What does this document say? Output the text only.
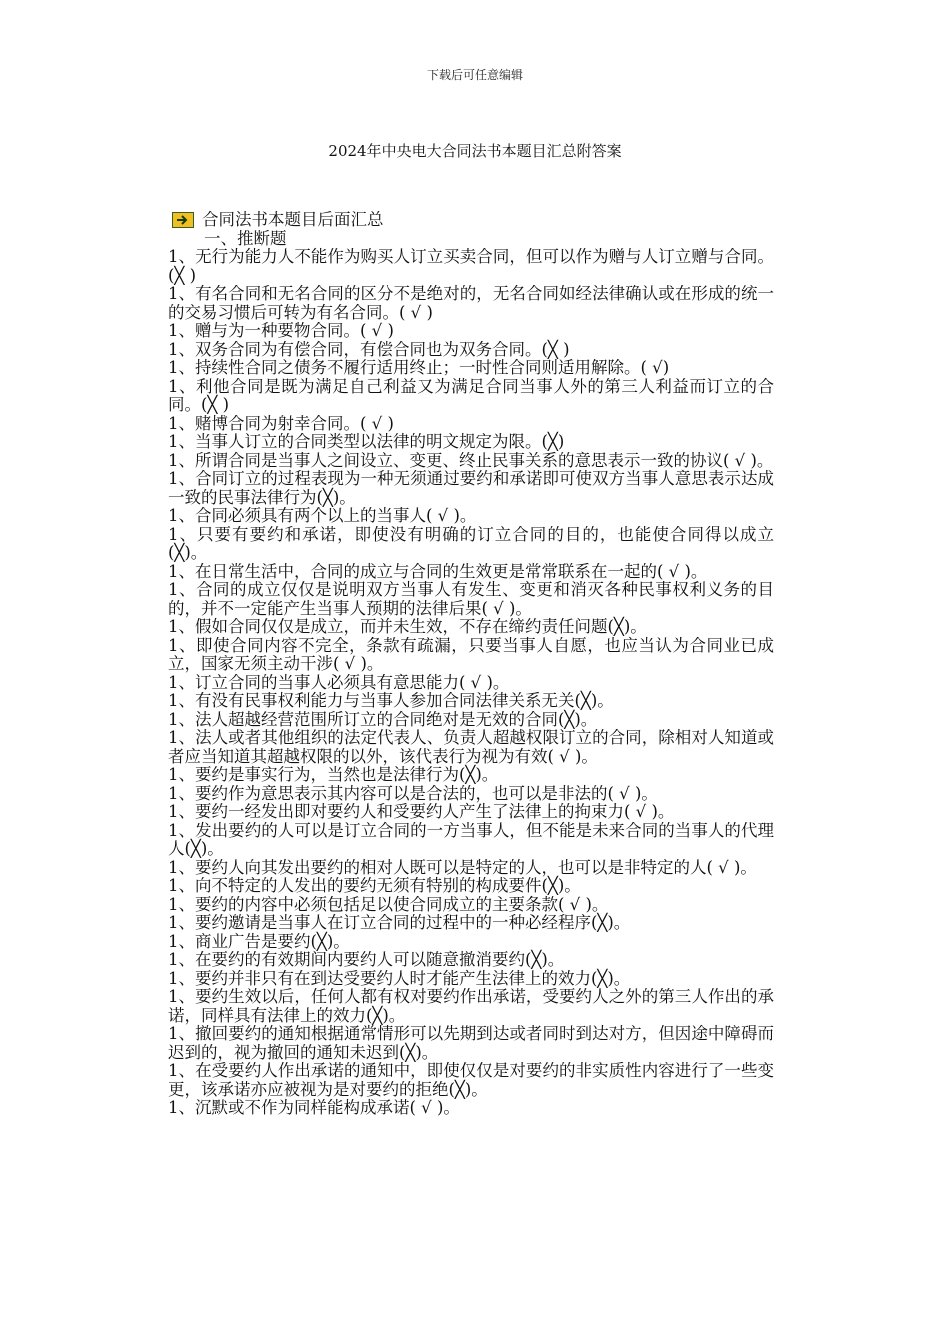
下载后可任意编辑
2024年中央电大合同法书本题目汇总附答案
合同法书本题目后面汇总
一、推断题
1、无行为能力人不能作为购买人订立买卖合同，但可以作为赠与人订立赠与合同。(╳ )
1、有名合同和无名合同的区分不是绝对的，无名合同如经法律确认或在形成的统一的交易习惯后可转为有名合同。( √ )
1、赠与为一种要物合同。( √ )
1、双务合同为有偿合同，有偿合同也为双务合同。(╳ )
1、持续性合同之债务不履行适用终止；一时性合同则适用解除。( √)
1、利他合同是既为满足自己利益又为满足合同当事人外的第三人利益而订立的合同。(╳ )
1、赌博合同为射幸合同。( √ )
1、当事人订立的合同类型以法律的明文规定为限。(╳)
1、所谓合同是当事人之间设立、变更、终止民事关系的意思表示一致的协议( √ )。
1、合同订立的过程表现为一种无须通过要约和承诺即可使双方当事人意思表示达成一致的民事法律行为(╳)。
1、合同必须具有两个以上的当事人( √ )。
1、只要有要约和承诺，即使没有明确的订立合同的目的，也能使合同得以成立(╳)。
1、在日常生活中，合同的成立与合同的生效更是常常联系在一起的( √ )。
1、合同的成立仅仅是说明双方当事人有发生、变更和消灭各种民事权利义务的目的，并不一定能产生当事人预期的法律后果( √ )。
1、假如合同仅仅是成立，而并未生效，不存在缔约责任问题(╳)。
1、即使合同内容不完全，条款有疏漏，只要当事人自愿，也应当认为合同业已成立，国家无须主动干涉( √ )。
1、订立合同的当事人必须具有意思能力( √ )。
1、有没有民事权利能力与当事人参加合同法律关系无关(╳)。
1、法人超越经营范围所订立的合同绝对是无效的合同(╳)。
1、法人或者其他组织的法定代表人、负责人超越权限订立的合同，除相对人知道或者应当知道其超越权限的以外，该代表行为视为有效( √ )。
1、要约是事实行为，当然也是法律行为(╳)。
1、要约作为意思表示其内容可以是合法的，也可以是非法的( √ )。
1、要约一经发出即对要约人和受要约人产生了法律上的拘束力( √ )。
1、发出要约的人可以是订立合同的一方当事人，但不能是未来合同的当事人的代理人(╳)。
1、要约人向其发出要约的相对人既可以是特定的人，也可以是非特定的人( √ )。
1、向不特定的人发出的要约无须有特别的构成要件(╳)。
1、要约的内容中必须包括足以使合同成立的主要条款( √ )。
1、要约邀请是当事人在订立合同的过程中的一种必经程序(╳)。
1、商业广告是要约(╳)。
1、在要约的有效期间内要约人可以随意撤消要约(╳)。
1、要约并非只有在到达受要约人时才能产生法律上的效力(╳)。
1、要约生效以后，任何人都有权对要约作出承诺，受要约人之外的第三人作出的承诺，同样具有法律上的效力(╳)。
1、撤回要约的通知根据通常情形可以先期到达或者同时到达对方，但因途中障碍而迟到的，视为撤回的通知未迟到(╳)。
1、在受要约人作出承诺的通知中，即使仅仅是对要约的非实质性内容进行了一些变更，该承诺亦应被视为是对要约的拒绝(╳)。
1、沉默或不作为同样能构成承诺( √ )。
